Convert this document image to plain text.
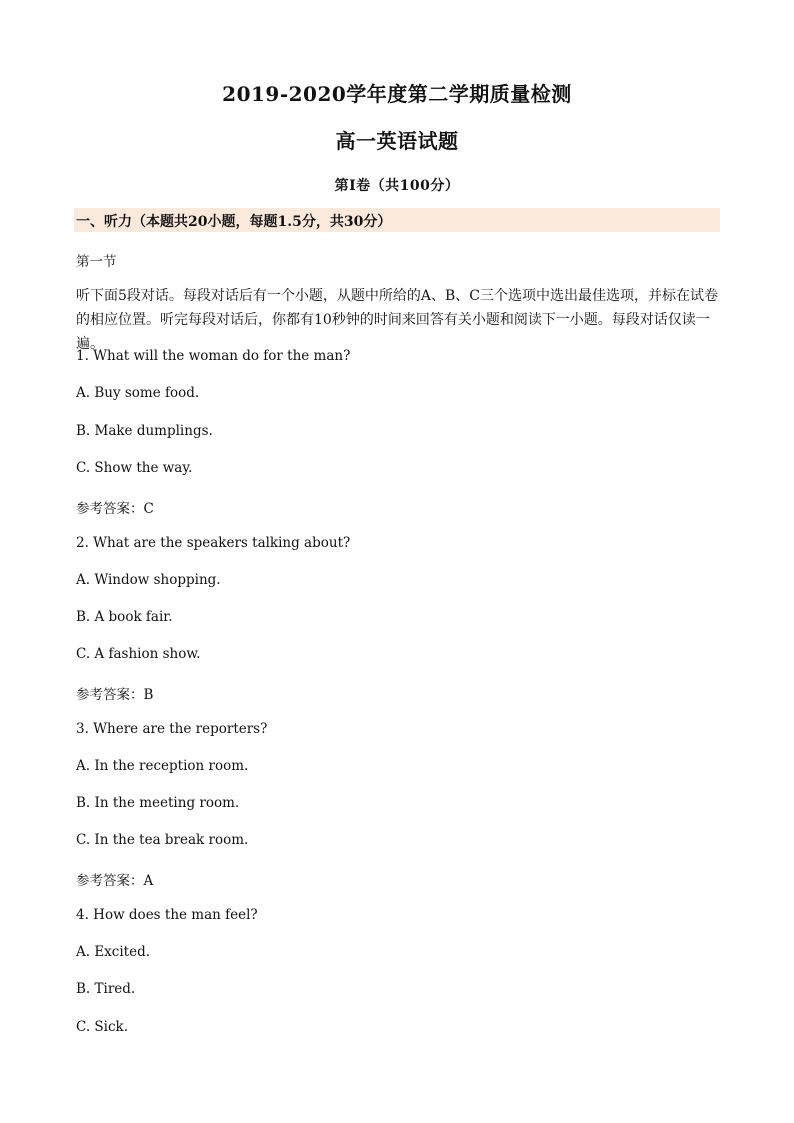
2019-2020学年度第二学期质量检测
高一英语试题
第I卷（共100分）
一、听力（本题共20小题，每题1.5分，共30分）
第一节
听下面5段对话。每段对话后有一个小题，从题中所给的A、B、C三个选项中选出最佳选项，并标在试卷的相应位置。听完每段对话后，你都有10秒钟的时间来回答有关小题和阅读下一小题。每段对话仅读一遍。
1. What will the woman do for the man?
A. Buy some food.
B. Make dumplings.
C. Show the way.
参考答案：C
2. What are the speakers talking about?
A. Window shopping.
B. A book fair.
C. A fashion show.
参考答案：B
3. Where are the reporters?
A. In the reception room.
B. In the meeting room.
C. In the tea break room.
参考答案：A
4. How does the man feel?
A. Excited.
B. Tired.
C. Sick.
